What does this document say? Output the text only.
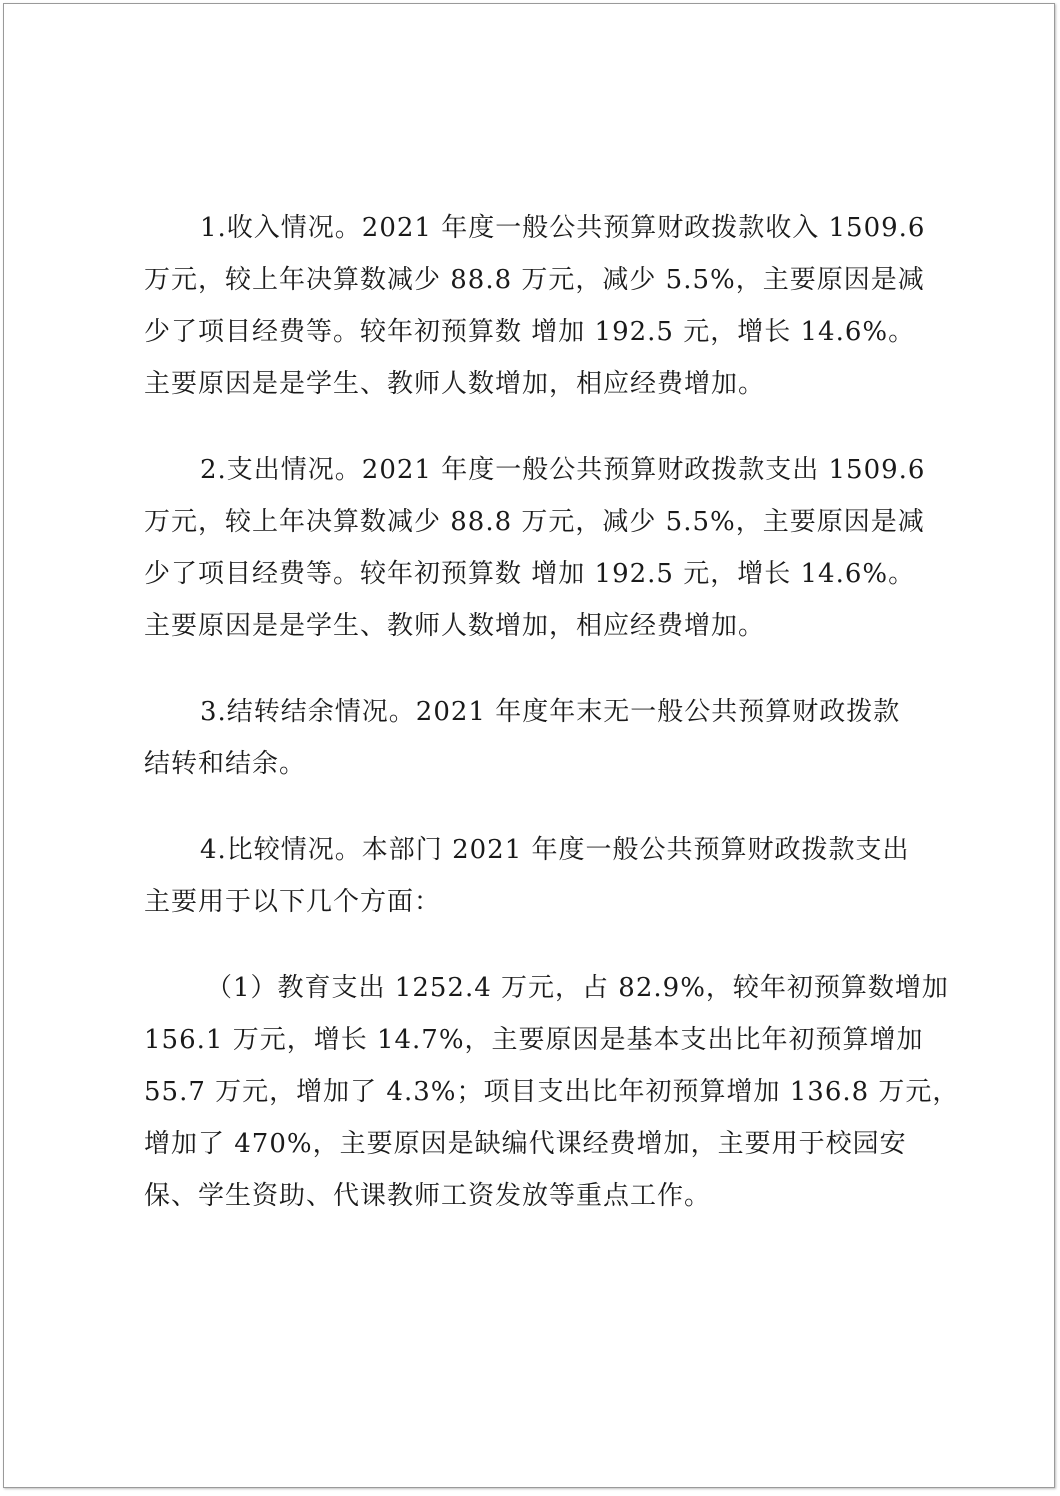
1.收入情况。2021 年度一般公共预算财政拨款收入 1509.6
万元，较上年决算数减少 88.8 万元，减少 5.5%，主要原因是减
少了项目经费等。较年初预算数 增加 192.5 元，增长 14.6%。
主要原因是是学生、教师人数增加，相应经费增加。
2.支出情况。2021 年度一般公共预算财政拨款支出 1509.6
万元，较上年决算数减少 88.8 万元，减少 5.5%，主要原因是减
少了项目经费等。较年初预算数 增加 192.5 元，增长 14.6%。
主要原因是是学生、教师人数增加，相应经费增加。
3.结转结余情况。2021 年度年末无一般公共预算财政拨款
结转和结余。
4.比较情况。本部门 2021 年度一般公共预算财政拨款支出
主要用于以下几个方面：
（1）教育支出 1252.4 万元，占 82.9%，较年初预算数增加
156.1 万元，增长 14.7%，主要原因是基本支出比年初预算增加
55.7 万元，增加了 4.3%；项目支出比年初预算增加 136.8 万元，
增加了 470%，主要原因是缺编代课经费增加，主要用于校园安
保、学生资助、代课教师工资发放等重点工作。
